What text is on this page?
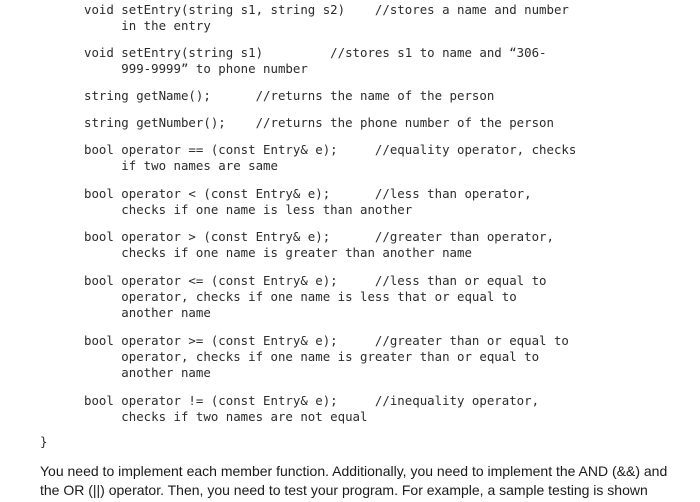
void setEntry(string s1, string s2)    //stores a name and number
in the entry
void setEntry(string s1)         //stores s1 to name and “306-
999-9999” to phone number
string getName();      //returns the name of the person
string getNumber();    //returns the phone number of the person
bool operator == (const Entry& e);     //equality operator, checks
if two names are same
bool operator < (const Entry& e);      //less than operator,
checks if one name is less than another
bool operator > (const Entry& e);      //greater than operator,
checks if one name is greater than another name
bool operator <= (const Entry& e);     //less than or equal to
operator, checks if one name is less that or equal to
another name
bool operator >= (const Entry& e);     //greater than or equal to
operator, checks if one name is greater than or equal to
another name
bool operator != (const Entry& e);     //inequality operator,
checks if two names are not equal
}
You need to implement each member function. Additionally, you need to implement the AND (&&) and
the OR (||) operator. Then, you need to test your program. For example, a sample testing is shown
